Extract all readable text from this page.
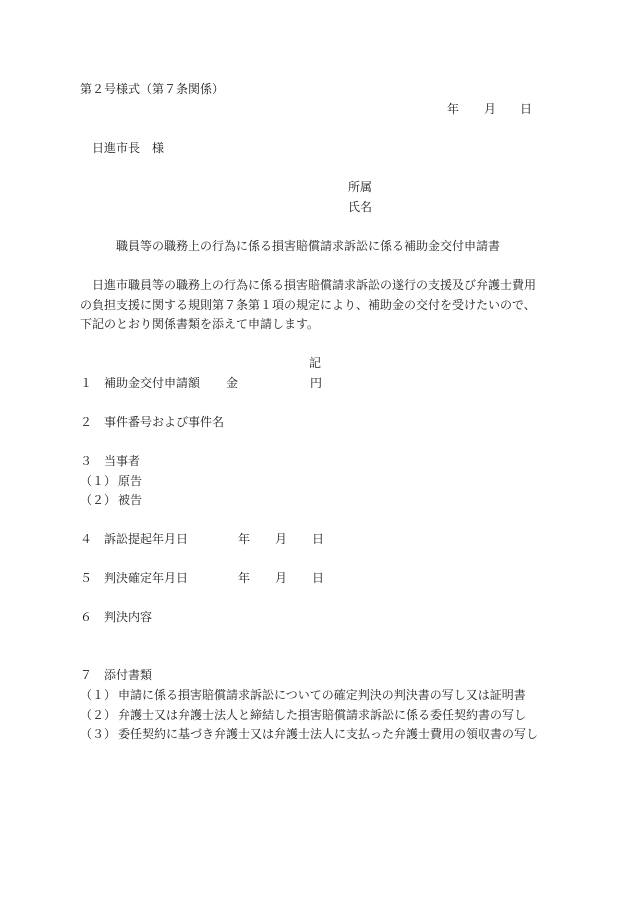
第２号様式（第７条関係）
年 月 日
日進市長　様
所属
氏名
職員等の職務上の行為に係る損害賠償請求訴訟に係る補助金交付申請書
日進市職員等の職務上の行為に係る損害賠償請求訴訟の遂行の支援及び弁護士費用
の負担支援に関する規則第７条第１項の規定により、補助金の交付を受けたいので、
下記のとおり関係書類を添えて申請します。
記
１ 補助金交付申請額 金	円
２ 事件番号および事件名
３ 当事者
（１） 原告
（２） 被告
４ 訴訟提起年月日	年 月 日
５ 判決確定年月日	年 月 日
６ 判決内容
７ 添付書類
（１） 申請に係る損害賠償請求訴訟についての確定判決の判決書の写し又は証明書
（２） 弁護士又は弁護士法人と締結した損害賠償請求訴訟に係る委任契約書の写し
（３） 委任契約に基づき弁護士又は弁護士法人に支払った弁護士費用の領収書の写し
